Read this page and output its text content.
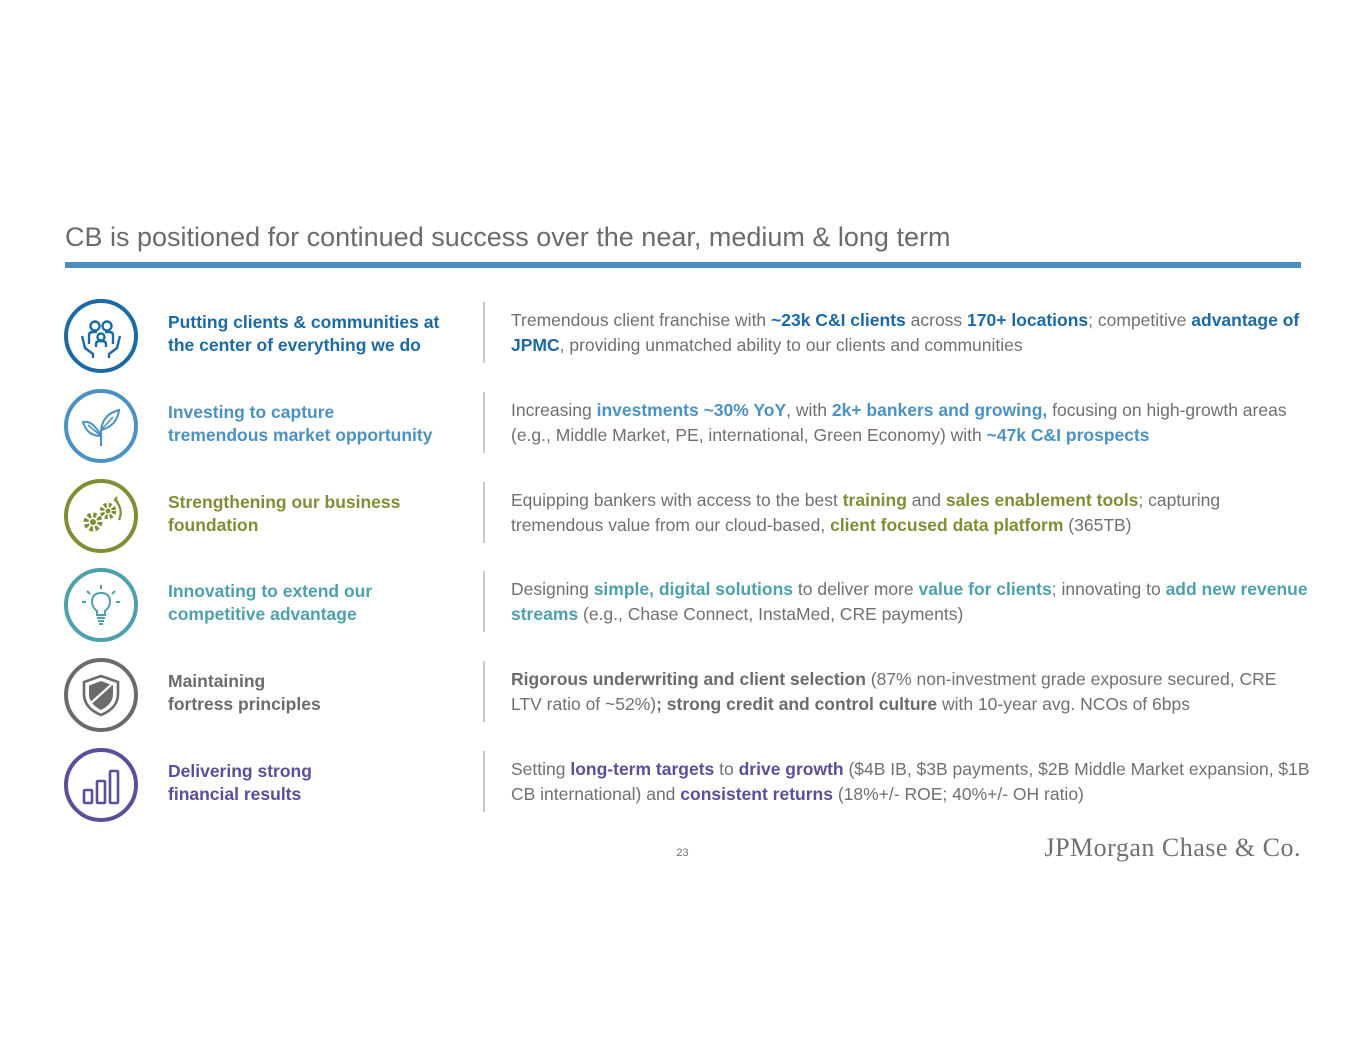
CB is positioned for continued success over the near, medium & long term
Putting clients & communities at
the center of everything we do
Tremendous client franchise with ~23k C&I clients across 170+ locations; competitive advantage of JPMC, providing unmatched ability to our clients and communities
Investing to capture
tremendous market opportunity
Increasing investments ~30% YoY, with 2k+ bankers and growing, focusing on high-growth areas (e.g., Middle Market, PE, international, Green Economy) with ~47k C&I prospects
Strengthening our business
foundation
Equipping bankers with access to the best training and sales enablement tools; capturing tremendous value from our cloud-based, client focused data platform (365TB)
Innovating to extend our
competitive advantage
Designing simple, digital solutions to deliver more value for clients; innovating to add new revenue streams (e.g., Chase Connect, InstaMed, CRE payments)
Maintaining
fortress principles
Rigorous underwriting and client selection (87% non-investment grade exposure secured, CRE LTV ratio of ~52%); strong credit and control culture with 10-year avg. NCOs of 6bps
Delivering strong
financial results
Setting long-term targets to drive growth ($4B IB, $3B payments, $2B Middle Market expansion, $1B CB international) and consistent returns (18%+/- ROE; 40%+/- OH ratio)
23	JPMorgan Chase & Co.
